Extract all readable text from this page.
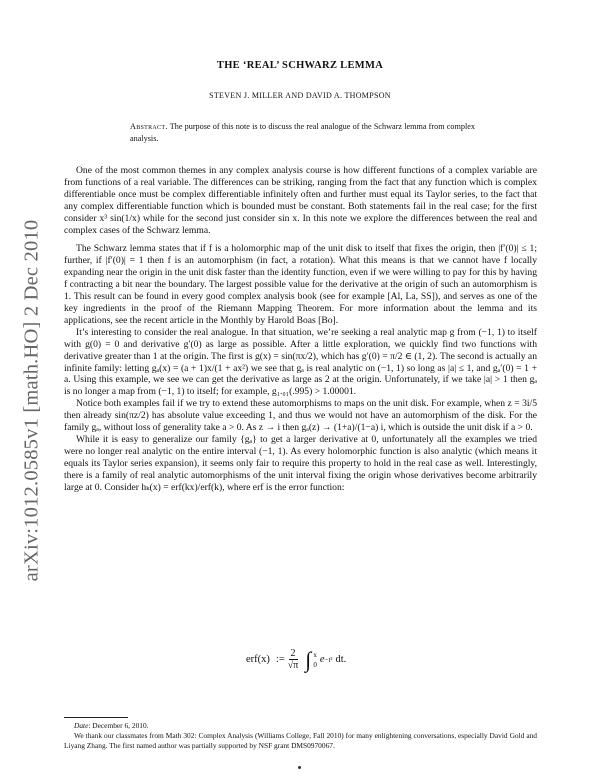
arXiv:1012.0585v1 [math.HO] 2 Dec 2010
THE ‘REAL’ SCHWARZ LEMMA
STEVEN J. MILLER AND DAVID A. THOMPSON
Abstract. The purpose of this note is to discuss the real analogue of the Schwarz lemma from complex analysis.

One of the most common themes in any complex analysis course is how different functions of a complex variable are from functions of a real variable. The differences can be striking, ranging from the fact that any function which is complex differentiable once must be complex differentiable infinitely often and further must equal its Taylor series, to the fact that any complex differentiable function which is bounded must be constant. Both statements fail in the real case; for the first consider x³ sin(1/x) while for the second just consider sin x. In this note we explore the differences between the real and complex cases of the Schwarz lemma.

The Schwarz lemma states that if f is a holomorphic map of the unit disk to itself that fixes the origin, then |f′(0)| ≤ 1; further, if |f′(0)| = 1 then f is an automorphism (in fact, a rotation). What this means is that we cannot have f locally expanding near the origin in the unit disk faster than the identity function, even if we were willing to pay for this by having f contracting a bit near the boundary. The largest possible value for the derivative at the origin of such an automorphism is 1. This result can be found in every good complex analysis book (see for example [Al, La, SS]), and serves as one of the key ingredients in the proof of the Riemann Mapping Theorem. For more information about the lemma and its applications, see the recent article in the Monthly by Harold Boas [Bo].

It’s interesting to consider the real analogue. In that situation, we’re seeking a real analytic map g from (−1, 1) to itself with g(0) = 0 and derivative g′(0) as large as possible. After a little exploration, we quickly find two functions with derivative greater than 1 at the origin. The first is g(x) = sin(πx/2), which has g′(0) = π/2 ∈ (1, 2). The second is actually an infinite family: letting gₐ(x) = (a + 1)x/(1 + ax²) we see that gₐ is real analytic on (−1, 1) so long as |a| ≤ 1, and gₐ′(0) = 1 + a. Using this example, we see we can get the derivative as large as 2 at the origin. Unfortunately, if we take |a| > 1 then gₐ is no longer a map from (−1, 1) to itself; for example, g₁.₀₁(.995) > 1.00001.

Notice both examples fail if we try to extend these automorphisms to maps on the unit disk. For example, when z = 3i/5 then already sin(πz/2) has absolute value exceeding 1, and thus we would not have an automorphism of the disk. For the family gₐ, without loss of generality take a > 0. As z → i then gₐ(z) → (1+a)/(1−a) i, which is outside the unit disk if a > 0.

While it is easy to generalize our family {gₐ} to get a larger derivative at 0, unfortunately all the examples we tried were no longer real analytic on the entire interval (−1, 1). As every holomorphic function is also analytic (which means it equals its Taylor series expansion), it seems only fair to require this property to hold in the real case as well. Interestingly, there is a family of real analytic automorphisms of the unit interval fixing the origin whose derivatives become arbitrarily large at 0. Consider hₖ(x) = erf(kx)/erf(k), where erf is the error function:

erf(x) := $\frac{2}{√\pi}$ ∫ x
0 e −t² dt.

Date: December 6, 2010.

We thank our classmates from Math 302: Complex Analysis (Williams College, Fall 2010) for many enlightening conversations, especially David Gold and Liyang Zhang. The first named author was partially supported by NSF grant DMS0970067.
